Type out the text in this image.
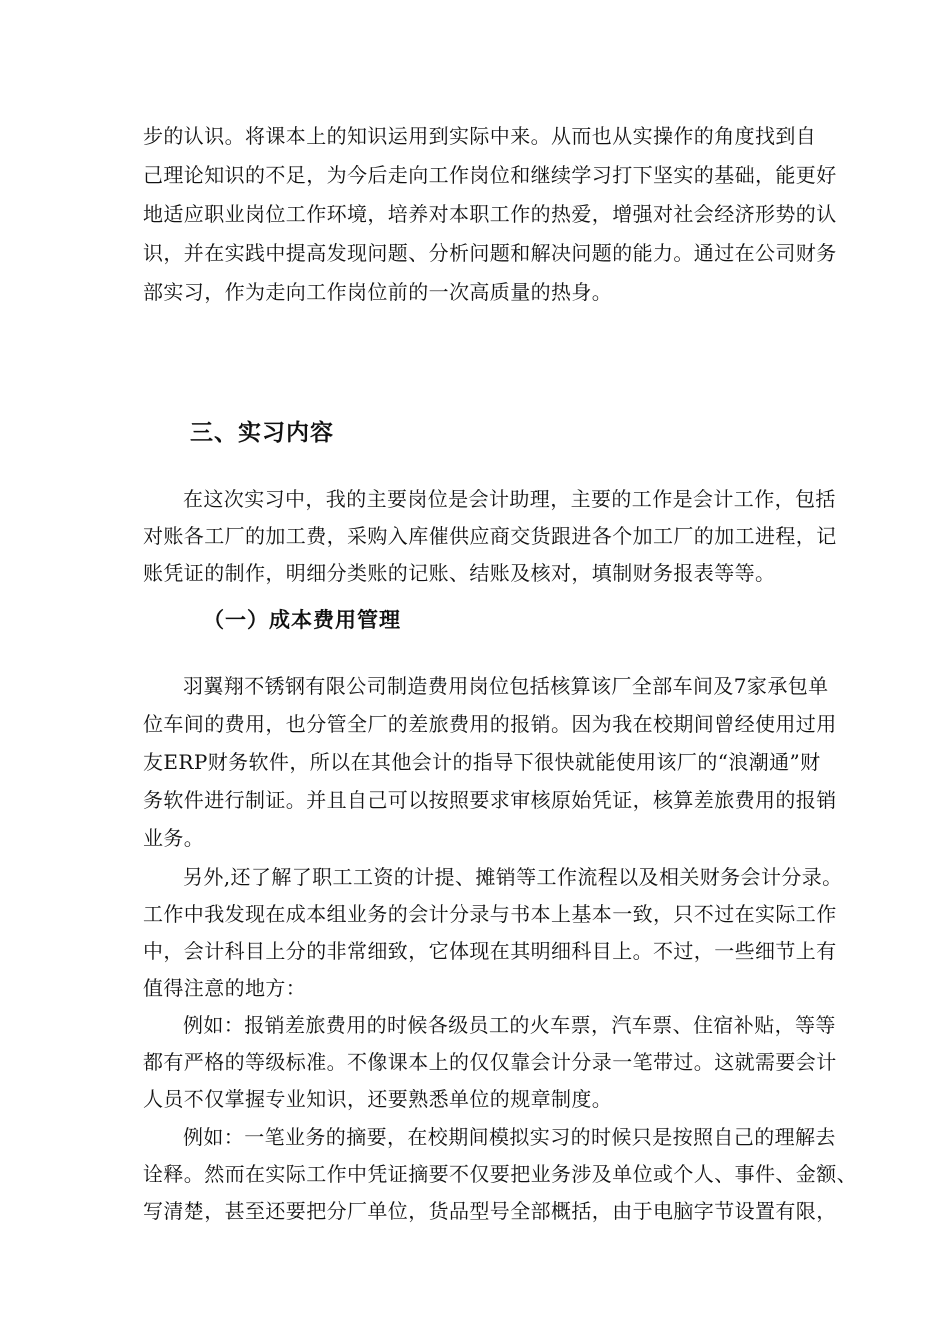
步的认识。将课本上的知识运用到实际中来。从而也从实操作的角度找到自
己理论知识的不足，为今后走向工作岗位和继续学习打下坚实的基础，能更好
地适应职业岗位工作环境，培养对本职工作的热爱，增强对社会经济形势的认
识，并在实践中提高发现问题、分析问题和解决问题的能力。通过在公司财务
部实习，作为走向工作岗位前的一次高质量的热身。
三、实习内容
在这次实习中，我的主要岗位是会计助理，主要的工作是会计工作，包括
对账各工厂的加工费，采购入库催供应商交货跟进各个加工厂的加工进程，记
账凭证的制作，明细分类账的记账、结账及核对，填制财务报表等等。
（一）成本费用管理
羽翼翔不锈钢有限公司制造费用岗位包括核算该厂全部车间及7家承包单
位车间的费用，也分管全厂的差旅费用的报销。因为我在校期间曾经使用过用
友ERP财务软件，所以在其他会计的指导下很快就能使用该厂的“浪潮通”财
务软件进行制证。并且自己可以按照要求审核原始凭证，核算差旅费用的报销
业务。
另外,还了解了职工工资的计提、摊销等工作流程以及相关财务会计分录。
工作中我发现在成本组业务的会计分录与书本上基本一致，只不过在实际工作
中，会计科目上分的非常细致，它体现在其明细科目上。不过，一些细节上有
值得注意的地方：
例如：报销差旅费用的时候各级员工的火车票，汽车票、住宿补贴，等等
都有严格的等级标准。不像课本上的仅仅靠会计分录一笔带过。这就需要会计
人员不仅掌握专业知识，还要熟悉单位的规章制度。
例如：一笔业务的摘要，在校期间模拟实习的时候只是按照自己的理解去
诠释。然而在实际工作中凭证摘要不仅要把业务涉及单位或个人、事件、金额、
写清楚，甚至还要把分厂单位，货品型号全部概括，由于电脑字节设置有限，
